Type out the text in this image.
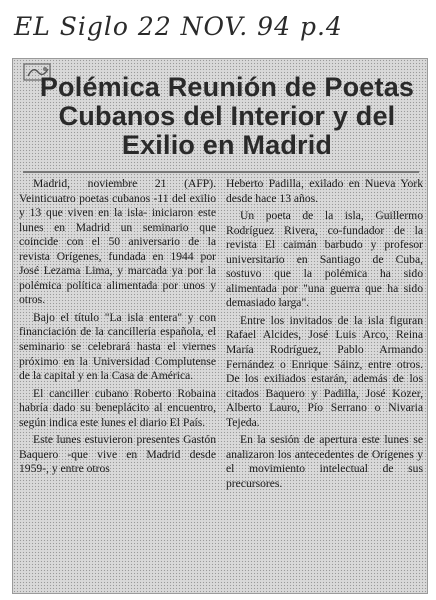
EL Siglo 22 NOV. 94 p.4
Polémica Reunión de Poetas Cubanos del Interior y del Exilio en Madrid

Madrid, noviembre 21 (AFP). Veinticuatro poetas cubanos -11 del exilio y 13 que viven en la isla- iniciaron este lunes en Madrid un seminario que coincide con el 50 aniversario de la revista Orígenes, fundada en 1944 por José Lezama Lima, y marcada ya por la polémica política alimentada por unos y otros.

Bajo el título "La isla entera" y con financiación de la cancillería española, el seminario se celebrará hasta el viernes próximo en la Universidad Complutense de la capital y en la Casa de América.

El canciller cubano Roberto Robaina habría dado su beneplácito al encuentro, según indica este lunes el diario El País.

Este lunes estuvieron presentes Gastón Baquero -que vive en Madrid desde 1959-, y entre otros

Heberto Padilla, exilado en Nueva York desde hace 13 años.

Un poeta de la isla, Guillermo Rodríguez Rivera, co-fundador de la revista El caimán barbudo y profesor universitario en Santiago de Cuba, sostuvo que la polémica ha sido alimentada por "una guerra que ha sido demasiado larga".

Entre los invitados de la isla figuran Rafael Alcides, José Luis Arco, Reina María Rodríguez, Pablo Armando Fernández o Enrique Sáinz, entre otros. De los exiliados estarán, además de los citados Baquero y Padilla, José Kozer, Alberto Lauro, Pío Serrano o Nivaria Tejeda.

En la sesión de apertura este lunes se analizaron los antecedentes de Orígenes y el movimiento intelectual de sus precursores.
